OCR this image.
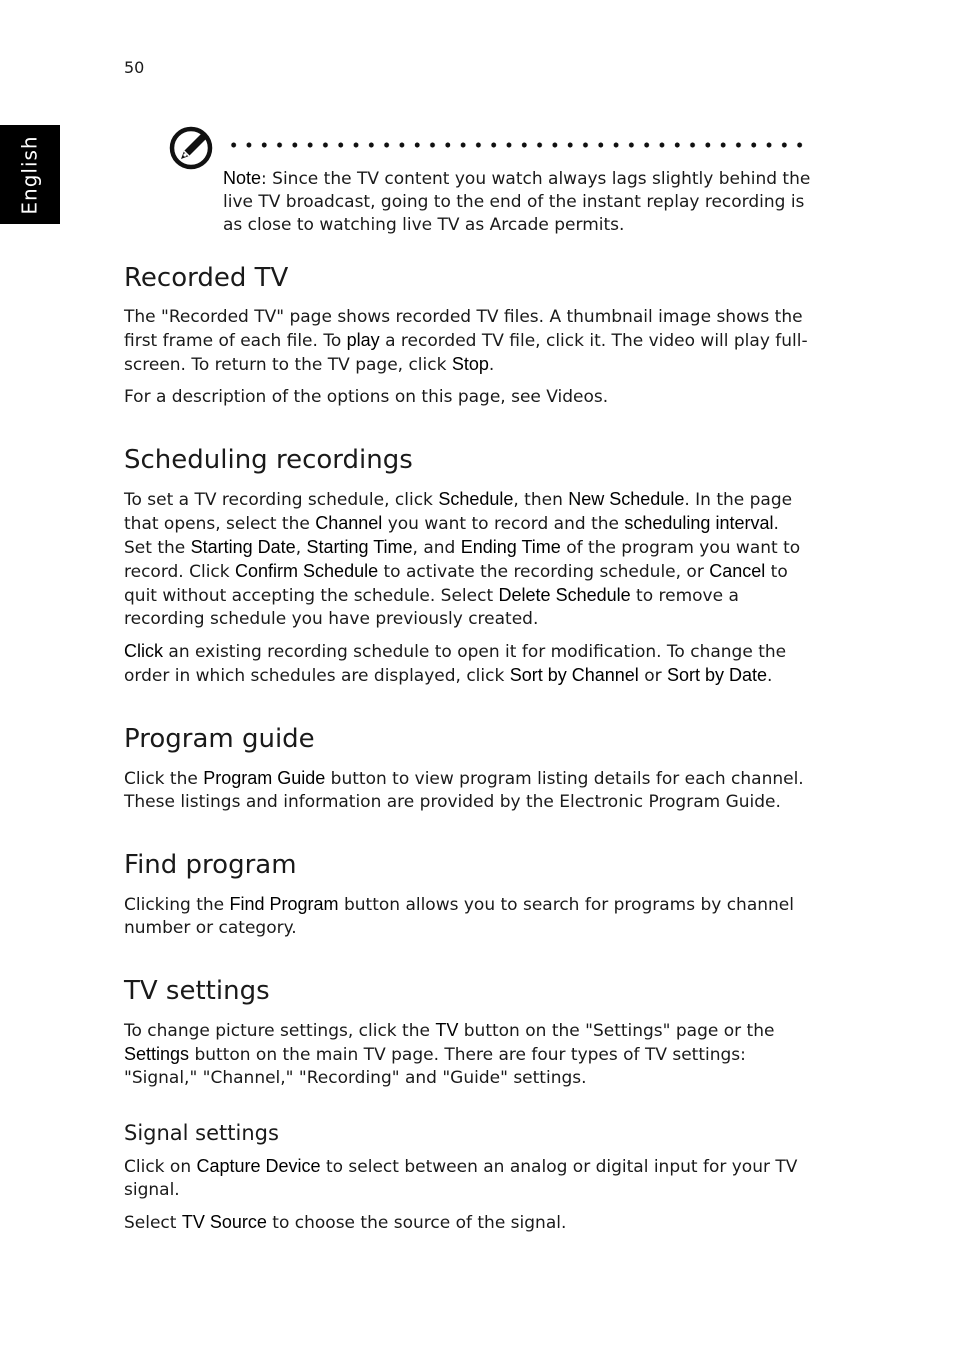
50
English	Note: Since the TV content you watch always lags slightly behind the live TV broadcast, going to the end of the instant replay recording is as close to watching live TV as Arcade permits.

Recorded TV

The "Recorded TV" page shows recorded TV files. A thumbnail image shows the first frame of each file. To play a recorded TV file, click it. The video will play full-screen. To return to the TV page, click Stop.

For a description of the options on this page, see Videos.

Scheduling recordings

To set a TV recording schedule, click Schedule, then New Schedule. In the page that opens, select the Channel you want to record and the scheduling interval. Set the Starting Date, Starting Time, and Ending Time of the program you want to record. Click Confirm Schedule to activate the recording schedule, or Cancel to quit without accepting the schedule. Select Delete Schedule to remove a recording schedule you have previously created.

Click an existing recording schedule to open it for modification. To change the order in which schedules are displayed, click Sort by Channel or Sort by Date.

Program guide

Click the Program Guide button to view program listing details for each channel. These listings and information are provided by the Electronic Program Guide.

Find program

Clicking the Find Program button allows you to search for programs by channel number or category.

TV settings

To change picture settings, click the TV button on the "Settings" page or the Settings button on the main TV page. There are four types of TV settings: "Signal," "Channel," "Recording" and "Guide" settings.

Signal settings

Click on Capture Device to select between an analog or digital input for your TV signal.

Select TV Source to choose the source of the signal.
